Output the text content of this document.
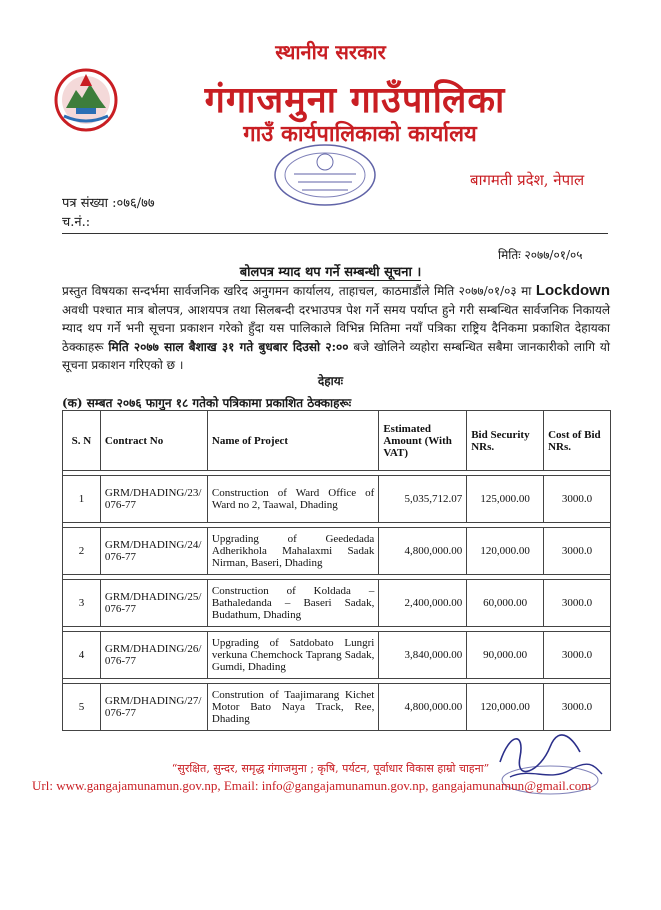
स्थानीय सरकार
गंगाजमुना गाउँपालिका
गाउँ कार्यपालिकाको कार्यालय
बागमती प्रदेश, नेपाल
पत्र संख्या :०७६/७७
च.नं.:
मितिः २०७७/०१/०५
बोलपत्र म्याद थप गर्ने सम्बन्धी सूचना ।
प्रस्तुत विषयका सन्दर्भमा सार्वजनिक खरिद अनुगमन कार्यालय, ताहाचल, काठमाडौंले मिति २०७७/०१/०३ मा Lockdown अवधी पश्चात मात्र बोलपत्र, आशयपत्र तथा सिलबन्दी दरभाउपत्र पेश गर्ने समय पर्याप्त हुने गरी सम्बन्धित सार्वजनिक निकायले म्याद थप गर्ने भनी सूचना प्रकाशन गरेको हुँदा यस पालिकाले विभिन्न मितिमा नयाँ पत्रिका राष्ट्रिय दैनिकमा प्रकाशित देहायका ठेक्काहरू मिति २०७७ साल बैशाख ३१ गते बुधबार दिउसो २:०० बजे खोलिने व्यहोरा सम्बन्धित सबैमा जानकारीको लागि यो सूचना प्रकाशन गरिएको छ ।
देहायः
(क) सम्बत २०७६ फागुन १८ गतेको पत्रिकामा प्रकाशित ठेक्काहरूः
S. N	Contract No	Name of Project	Estimated Amount (With VAT)	Bid Security NRs.	Cost of Bid NRs.

1	GRM/DHADING/23/ 076-77	Construction of Ward Office of Ward no 2, Taawal, Dhading	5,035,712.07	125,000.00	3000.0

2	GRM/DHADING/24/ 076-77	Upgrading of Geededada Adherikhola Mahalaxmi Sadak Nirman, Baseri, Dhading	4,800,000.00	120,000.00	3000.0

3	GRM/DHADING/25/ 076-77	Construction of Koldada – Bathaledanda – Baseri Sadak, Budathum, Dhading	2,400,000.00	60,000.00	3000.0

4	GRM/DHADING/26/ 076-77	Upgrading of Satdobato Lungri verkuna Chemchock Taprang Sadak, Gumdi, Dhading	3,840,000.00	90,000.00	3000.0

5	GRM/DHADING/27/ 076-77	Constrution of Taajimarang Kichet Motor Bato Naya Track, Ree, Dhading	4,800,000.00	120,000.00	3000.0
“सुरक्षित, सुन्दर, समृद्ध गंगाजमुना ; कृषि, पर्यटन, पूर्वाधार विकास हाम्रो चाहना”
Url: www.gangajamunamun.gov.np, Email: info@gangajamunamun.gov.np, gangajamunamun@gmail.com
